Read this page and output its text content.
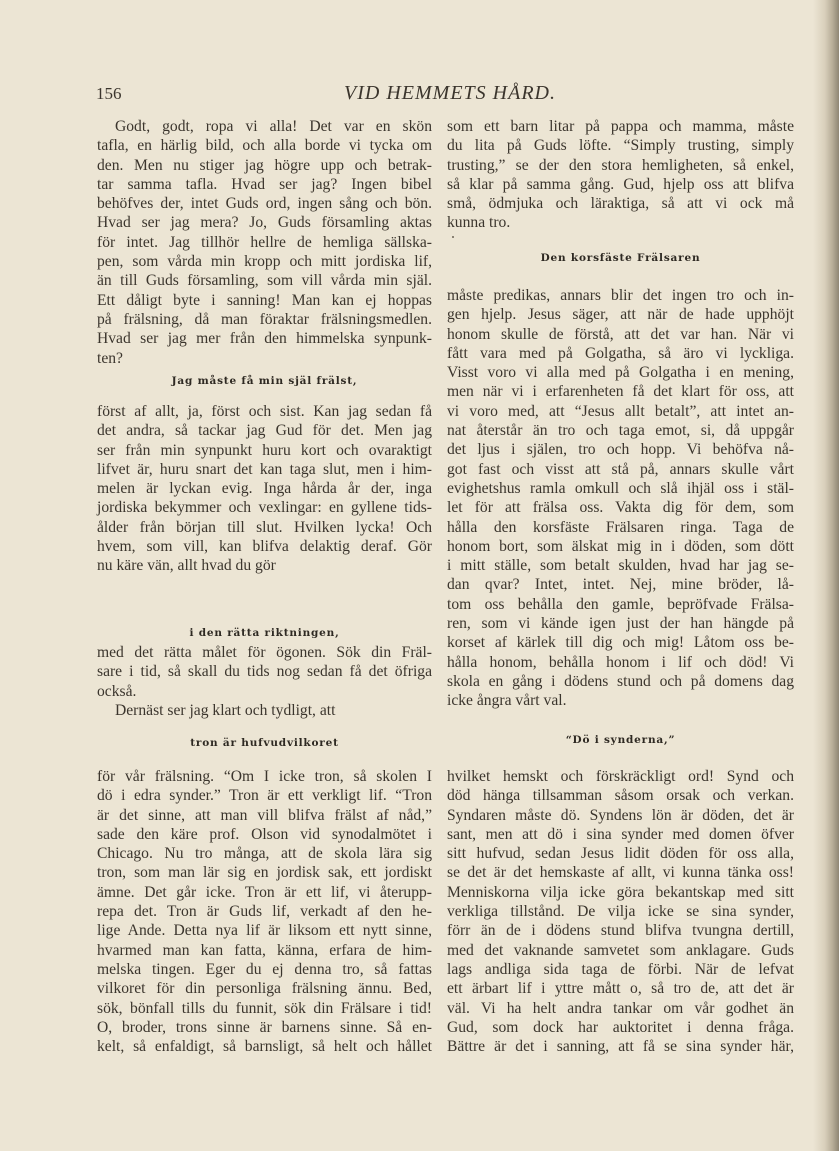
156	VID HEMMETS HÅRD.
Godt, godt, ropa vi alla! Det var en skön
tafla, en härlig bild, och alla borde vi tycka om
den. Men nu stiger jag högre upp och betrak-
tar samma tafla. Hvad ser jag? Ingen bibel
behöfves der, intet Guds ord, ingen sång och bön.
Hvad ser jag mera? Jo, Guds församling aktas
för intet. Jag tillhör hellre de hemliga sällska-
pen, som vårda min kropp och mitt jordiska lif,
än till Guds församling, som vill vårda min själ.
Ett dåligt byte i sanning! Man kan ej hoppas
på frälsning, då man föraktar frälsningsmedlen.
Hvad ser jag mer från den himmelska synpunk-
ten?
Jag måste få min själ frälst,
först af allt, ja, först och sist. Kan jag sedan få
det andra, så tackar jag Gud för det. Men jag
ser från min synpunkt huru kort och ovaraktigt
lifvet är, huru snart det kan taga slut, men i him-
melen är lyckan evig. Inga hårda år der, inga
jordiska bekymmer och vexlingar: en gyllene tids-
ålder från början till slut. Hvilken lycka! Och
hvem, som vill, kan blifva delaktig deraf. Gör
nu käre vän, allt hvad du gör
i den rätta riktningen,
med det rätta målet för ögonen. Sök din Fräl-
sare i tid, så skall du tids nog sedan få det öfriga
också.
Dernäst ser jag klart och tydligt, att
tron är hufvudvilkoret
för vår frälsning. “Om I icke tron, så skolen I
dö i edra synder.” Tron är ett verkligt lif. “Tron
är det sinne, att man vill blifva frälst af nåd,”
sade den käre prof. Olson vid synodalmötet i
Chicago. Nu tro många, att de skola lära sig
tron, som man lär sig en jordisk sak, ett jordiskt
ämne. Det går icke. Tron är ett lif, vi återupp-
repa det. Tron är Guds lif, verkadt af den he-
lige Ande. Detta nya lif är liksom ett nytt sinne,
hvarmed man kan fatta, känna, erfara de him-
melska tingen. Eger du ej denna tro, så fattas
vilkoret för din personliga frälsning ännu. Bed,
sök, bönfall tills du funnit, sök din Frälsare i tid!
O, broder, trons sinne är barnens sinne. Så en-
kelt, så enfaldigt, så barnsligt, så helt och hållet
som ett barn litar på pappa och mamma, måste
du lita på Guds löfte. “Simply trusting, simply
trusting,” se der den stora hemligheten, så enkel,
så klar på samma gång. Gud, hjelp oss att blifva
små, ödmjuka och läraktiga, så att vi ock må
kunna tro.
Den korsfäste Frälsaren
måste predikas, annars blir det ingen tro och in-
gen hjelp. Jesus säger, att när de hade upphöjt
honom skulle de förstå, att det var han. När vi
fått vara med på Golgatha, så äro vi lyckliga.
Visst voro vi alla med på Golgatha i en mening,
men när vi i erfarenheten få det klart för oss, att
vi voro med, att “Jesus allt betalt”, att intet an-
nat återstår än tro och taga emot, si, då uppgår
det ljus i själen, tro och hopp. Vi behöfva nå-
got fast och visst att stå på, annars skulle vårt
evighetshus ramla omkull och slå ihjäl oss i stäl-
let för att frälsa oss. Vakta dig för dem, som
hålla den korsfäste Frälsaren ringa. Taga de
honom bort, som älskat mig in i döden, som dött
i mitt ställe, som betalt skulden, hvad har jag se-
dan qvar? Intet, intet. Nej, mine bröder, lå-
tom oss behålla den gamle, bepröfvade Frälsa-
ren, som vi kände igen just der han hängde på
korset af kärlek till dig och mig! Låtom oss be-
hålla honom, behålla honom i lif och död! Vi
skola en gång i dödens stund och på domens dag
icke ångra vårt val.
“Dö i synderna,”
hvilket hemskt och förskräckligt ord! Synd och
död hänga tillsamman såsom orsak och verkan.
Syndaren måste dö. Syndens lön är döden, det är
sant, men att dö i sina synder med domen öfver
sitt hufvud, sedan Jesus lidit döden för oss alla,
se det är det hemskaste af allt, vi kunna tänka oss!
Menniskorna vilja icke göra bekantskap med sitt
verkliga tillstånd. De vilja icke se sina synder,
förr än de i dödens stund blifva tvungna dertill,
med det vaknande samvetet som anklagare. Guds
lags andliga sida taga de förbi. När de lefvat
ett ärbart lif i yttre mått o, så tro de, att det är
väl. Vi ha helt andra tankar om vår godhet än
Gud, som dock har auktoritet i denna fråga.
Bättre är det i sanning, att få se sina synder här,
